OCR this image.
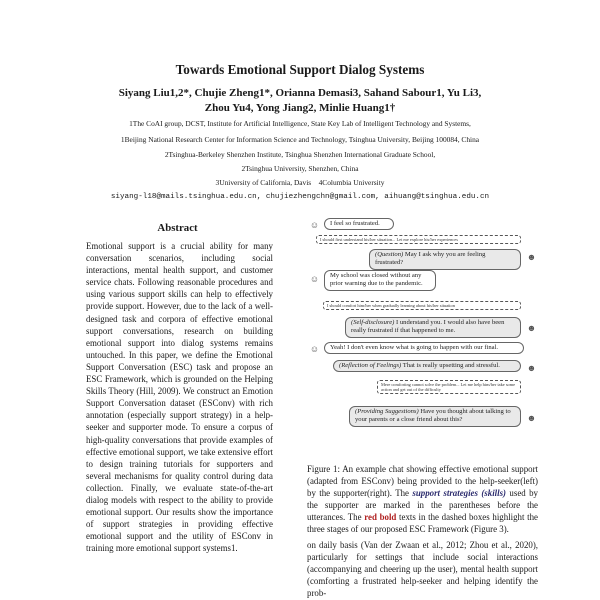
Towards Emotional Support Dialog Systems
Siyang Liu1,2*, Chujie Zheng1*, Orianna Demasi3, Sahand Sabour1, Yu Li3,
Zhou Yu4, Yong Jiang2, Minlie Huang1†
1The CoAI group, DCST, Institute for Artificial Intelligence, State Key Lab of Intelligent Technology and Systems,
1Beijing National Research Center for Information Science and Technology, Tsinghua University, Beijing 100084, China
2Tsinghua-Berkeley Shenzhen Institute, Tsinghua Shenzhen International Graduate School,
2Tsinghua University, Shenzhen, China
3University of California, Davis    4Columbia University
siyang-l18@mails.tsinghua.edu.cn, chujiezhengchn@gmail.com, aihuang@tsinghua.edu.cn
Abstract

Emotional support is a crucial ability for many conversation scenarios, including social interactions, mental health support, and customer service chats. Following reasonable procedures and using various support skills can help to effectively provide support. However, due to the lack of a well-designed task and corpora of effective emotional support conversations, research on building emotional support into dialog systems remains untouched. In this paper, we define the Emotional Support Conversation (ESC) task and propose an ESC Framework, which is grounded on the Helping Skills Theory (Hill, 2009). We construct an Emotion Support Conversation dataset (ESConv) with rich annotation (especially support strategy) in a help-seeker and supporter mode. To ensure a corpus of high-quality conversations that provide examples of effective emotional support, we take extensive effort to design training tutorials for supporters and several mechanisms for quality control during data collection. Finally, we evaluate state-of-the-art dialog models with respect to the ability to provide emotional support. Our results show the importance of support strategies in providing effective emotional support and the utility of ESConv in training more emotional support systems1.

☺	I feel so frustrated.
I should first understand his/her situation... Let me explore his/her experiences
☻
(Question) May I ask why you are feeling frustrated?
☺	My school was closed without any prior warning due to the pandemic.
I should comfort him/her when gradually learning about his/her situation
☻
(Self-disclosure) I understand you. I would also have been really frustrated if that happened to me.
☺	Yeah! I don't even know what is going to happen with our final.
☻
(Reflection of Feelings) That is really upsetting and stressful.
Mere comforting cannot solve the problem... Let me help him/her take some action and get out of the difficulty
☻
(Providing Suggestions) Have you thought about talking to your parents or a close friend about this?

Figure 1: An example chat showing effective emotional support (adapted from ESConv) being provided to the help-seeker(left) by the supporter(right). The support strategies (skills) used by the supporter are marked in the parentheses before the utterances. The red bold texts in the dashed boxes highlight the three stages of our proposed ESC Framework (Figure 3).

on daily basis (Van der Zwaan et al., 2012; Zhou et al., 2020), particularly for settings that include social interactions (accompanying and cheering up the user), mental health support (comforting a frustrated help-seeker and helping identify the prob-
